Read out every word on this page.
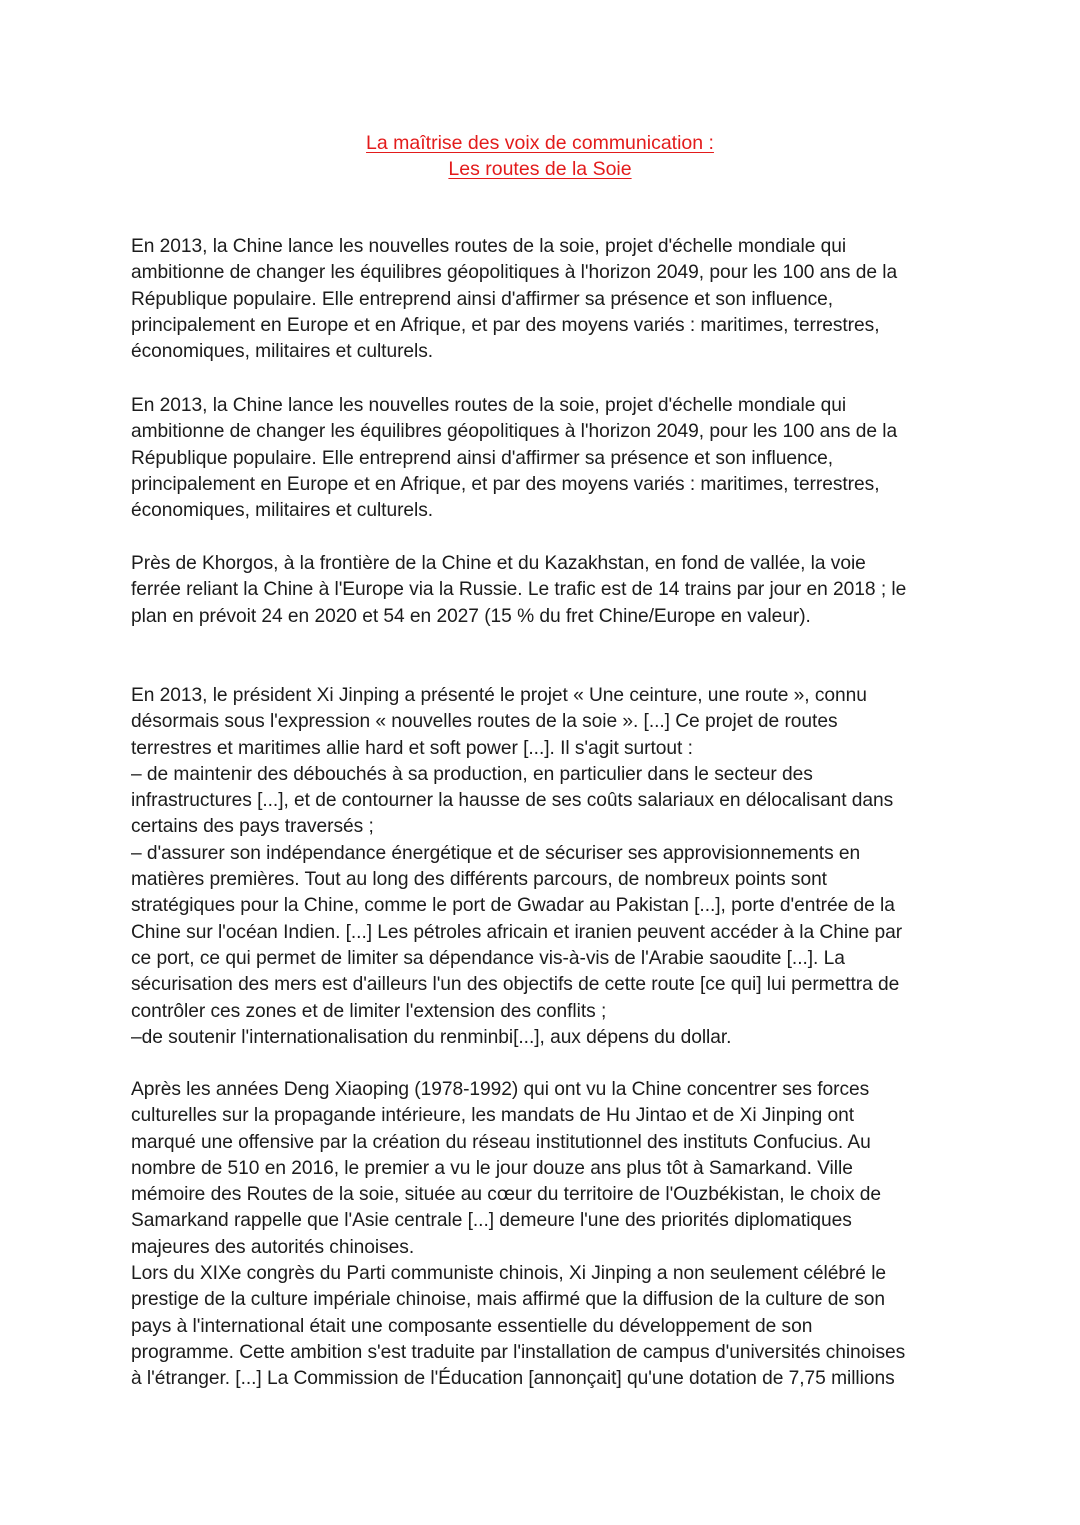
La maîtrise des voix de communication :
Les routes de la Soie

En 2013, la Chine lance les nouvelles routes de la soie, projet d'échelle mondiale qui
ambitionne de changer les équilibres géopolitiques à l'horizon 2049, pour les 100 ans de la
République populaire. Elle entreprend ainsi d'affirmer sa présence et son influence,
principalement en Europe et en Afrique, et par des moyens variés : maritimes, terrestres,
économiques, militaires et culturels.

En 2013, la Chine lance les nouvelles routes de la soie, projet d'échelle mondiale qui
ambitionne de changer les équilibres géopolitiques à l'horizon 2049, pour les 100 ans de la
République populaire. Elle entreprend ainsi d'affirmer sa présence et son influence,
principalement en Europe et en Afrique, et par des moyens variés : maritimes, terrestres,
économiques, militaires et culturels.

Près de Khorgos, à la frontière de la Chine et du Kazakhstan, en fond de vallée, la voie
ferrée reliant la Chine à l'Europe via la Russie. Le trafic est de 14 trains par jour en 2018 ; le
plan en prévoit 24 en 2020 et 54 en 2027 (15 % du fret Chine/Europe en valeur).

En 2013, le président Xi Jinping a présenté le projet « Une ceinture, une route », connu
désormais sous l'expression « nouvelles routes de la soie ». [...] Ce projet de routes
terrestres et maritimes allie hard et soft power [...]. Il s'agit surtout :
– de maintenir des débouchés à sa production, en particulier dans le secteur des
infrastructures [...], et de contourner la hausse de ses coûts salariaux en délocalisant dans
certains des pays traversés ;
– d'assurer son indépendance énergétique et de sécuriser ses approvisionnements en
matières premières. Tout au long des différents parcours, de nombreux points sont
stratégiques pour la Chine, comme le port de Gwadar au Pakistan [...], porte d'entrée de la
Chine sur l'océan Indien. [...] Les pétroles africain et iranien peuvent accéder à la Chine par
ce port, ce qui permet de limiter sa dépendance vis-à-vis de l'Arabie saoudite [...]. La
sécurisation des mers est d'ailleurs l'un des objectifs de cette route [ce qui] lui permettra de
contrôler ces zones et de limiter l'extension des conflits ;
–de soutenir l'internationalisation du renminbi[...], aux dépens du dollar.

Après les années Deng Xiaoping (1978-1992) qui ont vu la Chine concentrer ses forces
culturelles sur la propagande intérieure, les mandats de Hu Jintao et de Xi Jinping ont
marqué une offensive par la création du réseau institutionnel des instituts Confucius. Au
nombre de 510 en 2016, le premier a vu le jour douze ans plus tôt à Samarkand. Ville
mémoire des Routes de la soie, située au cœur du territoire de l'Ouzbékistan, le choix de
Samarkand rappelle que l'Asie centrale [...] demeure l'une des priorités diplomatiques
majeures des autorités chinoises.
Lors du XIXe congrès du Parti communiste chinois, Xi Jinping a non seulement célébré le
prestige de la culture impériale chinoise, mais affirmé que la diffusion de la culture de son
pays à l'international était une composante essentielle du développement de son
programme. Cette ambition s'est traduite par l'installation de campus d'universités chinoises
à l'étranger. [...] La Commission de l'Éducation [annonçait] qu'une dotation de 7,75 millions
